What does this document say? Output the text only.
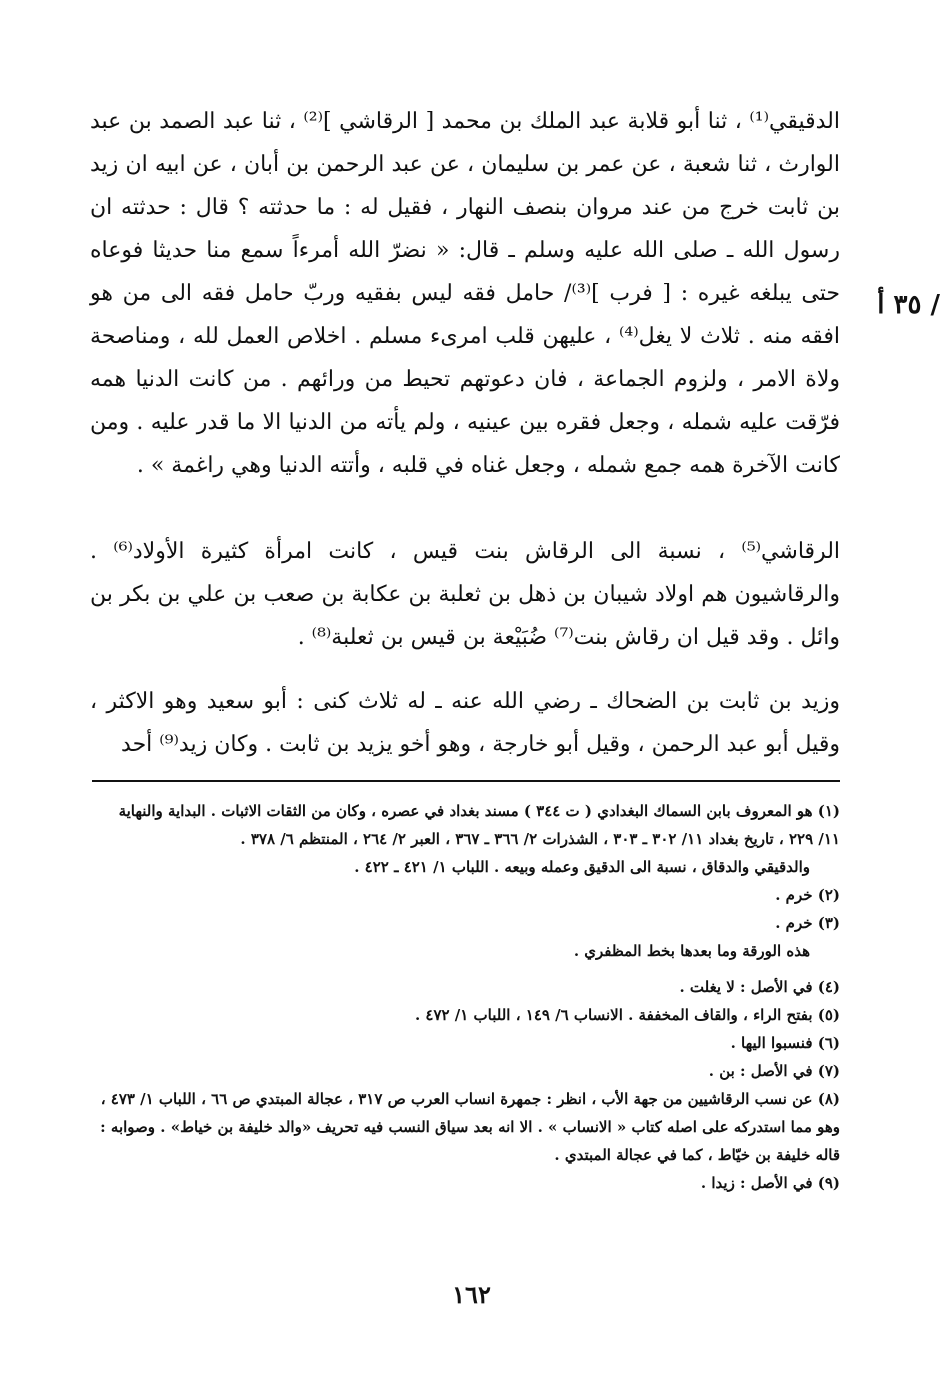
/ ٣٥ أ

الدقيقي⁽¹⁾ ، ثنا أبو قلابة عبد الملك بن محمد [ الرقاشي ]⁽²⁾ ، ثنا عبد الصمد بن عبد الوارث ، ثنا شعبة ، عن عمر بن سليمان ، عن عبد الرحمن بن أبان ، عن ابيه ان زيد بن ثابت خرج من عند مروان بنصف النهار ، فقيل له : ما حدثته ؟ قال : حدثته ان رسول الله ـ صلى الله عليه وسلم ـ قال: « نضرّ الله أمرءاً سمع منا حديثا فوعاه حتى يبلغه غيره : [ فرب ]⁽³⁾/ حامل فقه ليس بفقيه وربّ حامل فقه الى من هو افقه منه . ثلاث لا يغل⁽⁴⁾ ، عليهن قلب امرىء مسلم . اخلاص العمل لله ، ومناصحة ولاة الامر ، ولزوم الجماعة ، فان دعوتهم تحيط من ورائهم . من كانت الدنيا همه فرّقت عليه شمله ، وجعل فقره بين عينيه ، ولم يأته من الدنيا الا ما قدر عليه . ومن كانت الآخرة همه جمع شمله ، وجعل غناه في قلبه ، وأتته الدنيا وهي راغمة » .

الرقاشي⁽⁵⁾ ، نسبة الى الرقاش بنت قيس ، كانت امرأة كثيرة الأولاد⁽⁶⁾ . والرقاشيون هم اولاد شيبان بن ذهل بن ثعلبة بن عكابة بن صعب بن علي بن بكر بن وائل . وقد قيل ان رقاش بنت⁽⁷⁾ ضُبَيْعة بن قيس بن ثعلبة⁽⁸⁾ .

وزيد بن ثابت بن الضحاك ـ رضي الله عنه ـ له ثلاث كنى : أبو سعيد وهو الاكثر ، وقيل أبو عبد الرحمن ، وقيل أبو خارجة ، وهو أخو يزيد بن ثابت . وكان زيد⁽⁹⁾ أحد

(١) هو المعروف بابن السماك البغدادي ( ت ٣٤٤ ) مسند بغداد في عصره ، وكان من الثقات الاثبات . البداية والنهاية ١١/ ٢٢٩ ، تاريخ بغداد ١١/ ٣٠٢ ـ ٣٠٣ ، الشذرات ٢/ ٣٦٦ ـ ٣٦٧ ، العبر ٢/ ٢٦٤ ، المنتظم ٦/ ٣٧٨ .

والدقيقي والدقاق ، نسبة الى الدقيق وعمله وبيعه . اللباب ١/ ٤٢١ ـ ٤٢٢ .

(٢) خرم .

(٣) خرم .

هذه الورقة وما بعدها بخط المظفري .

(٤) في الأصل : لا يغلت .

(٥) بفتح الراء ، والقاف المخففة . الانساب ٦/ ١٤٩ ، اللباب ١/ ٤٧٢ .

(٦) فنسبوا اليها .

(٧) في الأصل : بن .

(٨) عن نسب الرقاشيين من جهة الأب ، انظر : جمهرة انساب العرب ص ٣١٧ ، عجالة المبتدي ص ٦٦ ، اللباب ١/ ٤٧٣ ، وهو مما استدركه على اصله كتاب « الانساب » . الا انه بعد سياق النسب فيه تحريف «والد خليفة بن خياط» . وصوابه : قاله خليفة بن خيّاط ، كما في عجالة المبتدي .

(٩) في الأصل : زيدا .

١٦٢
